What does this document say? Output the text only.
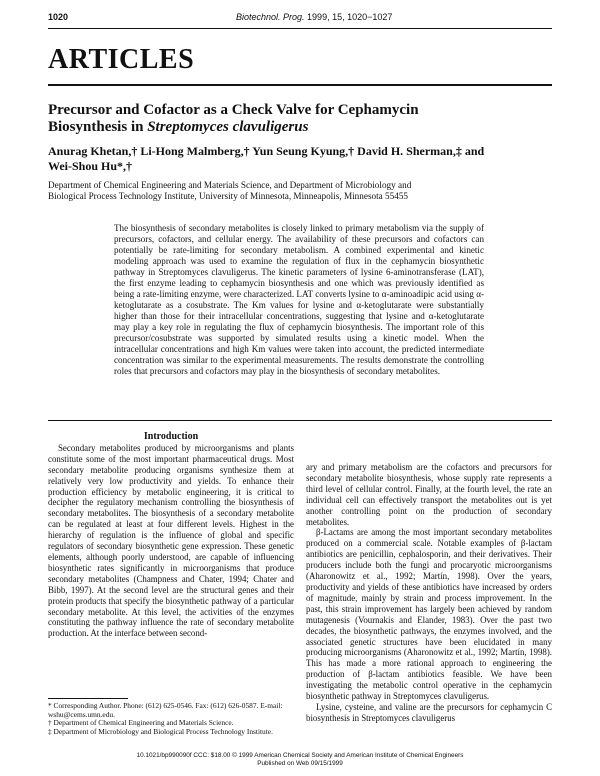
1020	Biotechnol. Prog. 1999, 15, 1020−1027
ARTICLES
Precursor and Cofactor as a Check Valve for Cephamycin
Biosynthesis in Streptomyces clavuligerus
Anurag Khetan,† Li-Hong Malmberg,† Yun Seung Kyung,† David H. Sherman,‡ and
Wei-Shou Hu*,†
Department of Chemical Engineering and Materials Science, and Department of Microbiology and
Biological Process Technology Institute, University of Minnesota, Minneapolis, Minnesota 55455

The biosynthesis of secondary metabolites is closely linked to primary metabolism via the supply of precursors, cofactors, and cellular energy. The availability of these precursors and cofactors can potentially be rate-limiting for secondary metabolism. A combined experimental and kinetic modeling approach was used to examine the regulation of flux in the cephamycin biosynthetic pathway in Streptomyces clavuligerus. The kinetic parameters of lysine 6-aminotransferase (LAT), the first enzyme leading to cephamycin biosynthesis and one which was previously identified as being a rate-limiting enzyme, were characterized. LAT converts lysine to α-aminoadipic acid using α-ketoglutarate as a cosubstrate. The Km values for lysine and α-ketoglutarate were substantially higher than those for their intracellular concentrations, suggesting that lysine and α-ketoglutarate may play a key role in regulating the flux of cephamycin biosynthesis. The important role of this precursor/cosubstrate was supported by simulated results using a kinetic model. When the intracellular concentrations and high Km values were taken into account, the predicted intermediate concentration was similar to the experimental measurements. The results demonstrate the controlling roles that precursors and cofactors may play in the biosynthesis of secondary metabolites.

Introduction

Secondary metabolites produced by microorganisms and plants constitute some of the most important pharmaceutical drugs. Most secondary metabolite producing organisms synthesize them at relatively very low productivity and yields. To enhance their production efficiency by metabolic engineering, it is critical to decipher the regulatory mechanism controlling the biosynthesis of secondary metabolites. The biosynthesis of a secondary metabolite can be regulated at least at four different levels. Highest in the hierarchy of regulation is the influence of global and specific regulators of secondary biosynthetic gene expression. These genetic elements, although poorly understood, are capable of influencing biosynthetic rates significantly in microorganisms that produce secondary metabolites (Champness and Chater, 1994; Chater and Bibb, 1997). At the second level are the structural genes and their protein products that specify the biosynthetic pathway of a particular secondary metabolite. At this level, the activities of the enzymes constituting the pathway influence the rate of secondary metabolite production. At the interface between second-

ary and primary metabolism are the cofactors and precursors for secondary metabolite biosynthesis, whose supply rate represents a third level of cellular control. Finally, at the fourth level, the rate an individual cell can effectively transport the metabolites out is yet another controlling point on the production of secondary metabolites.

β-Lactams are among the most important secondary metabolites produced on a commercial scale. Notable examples of β-lactam antibiotics are penicillin, cephalosporin, and their derivatives. Their producers include both the fungi and procaryotic microorganisms (Aharonowitz et al., 1992; Martín, 1998). Over the years, productivity and yields of these antibiotics have increased by orders of magnitude, mainly by strain and process improvement. In the past, this strain improvement has largely been achieved by random mutagenesis (Vournakis and Elander, 1983). Over the past two decades, the biosynthetic pathways, the enzymes involved, and the associated genetic structures have been elucidated in many producing microorganisms (Aharonowitz et al., 1992; Martín, 1998). This has made a more rational approach to engineering the production of β-lactam antibiotics feasible. We have been investigating the metabolic control operative in the cephamycin biosynthetic pathway in Streptomyces clavuligerus.

Lysine, cysteine, and valine are the precursors for cephamycin C biosynthesis in Streptomyces clavuligerus

* Corresponding Author. Phone: (612) 625-0546. Fax: (612) 626-0587. E-mail: wshu@cems.umn.edu.
† Department of Chemical Engineering and Materials Science.
‡ Department of Microbiology and Biological Process Technology Institute.
10.1021/bp990090f CCC: $18.00 © 1999 American Chemical Society and American Institute of Chemical Engineers
Published on Web 09/15/1999
